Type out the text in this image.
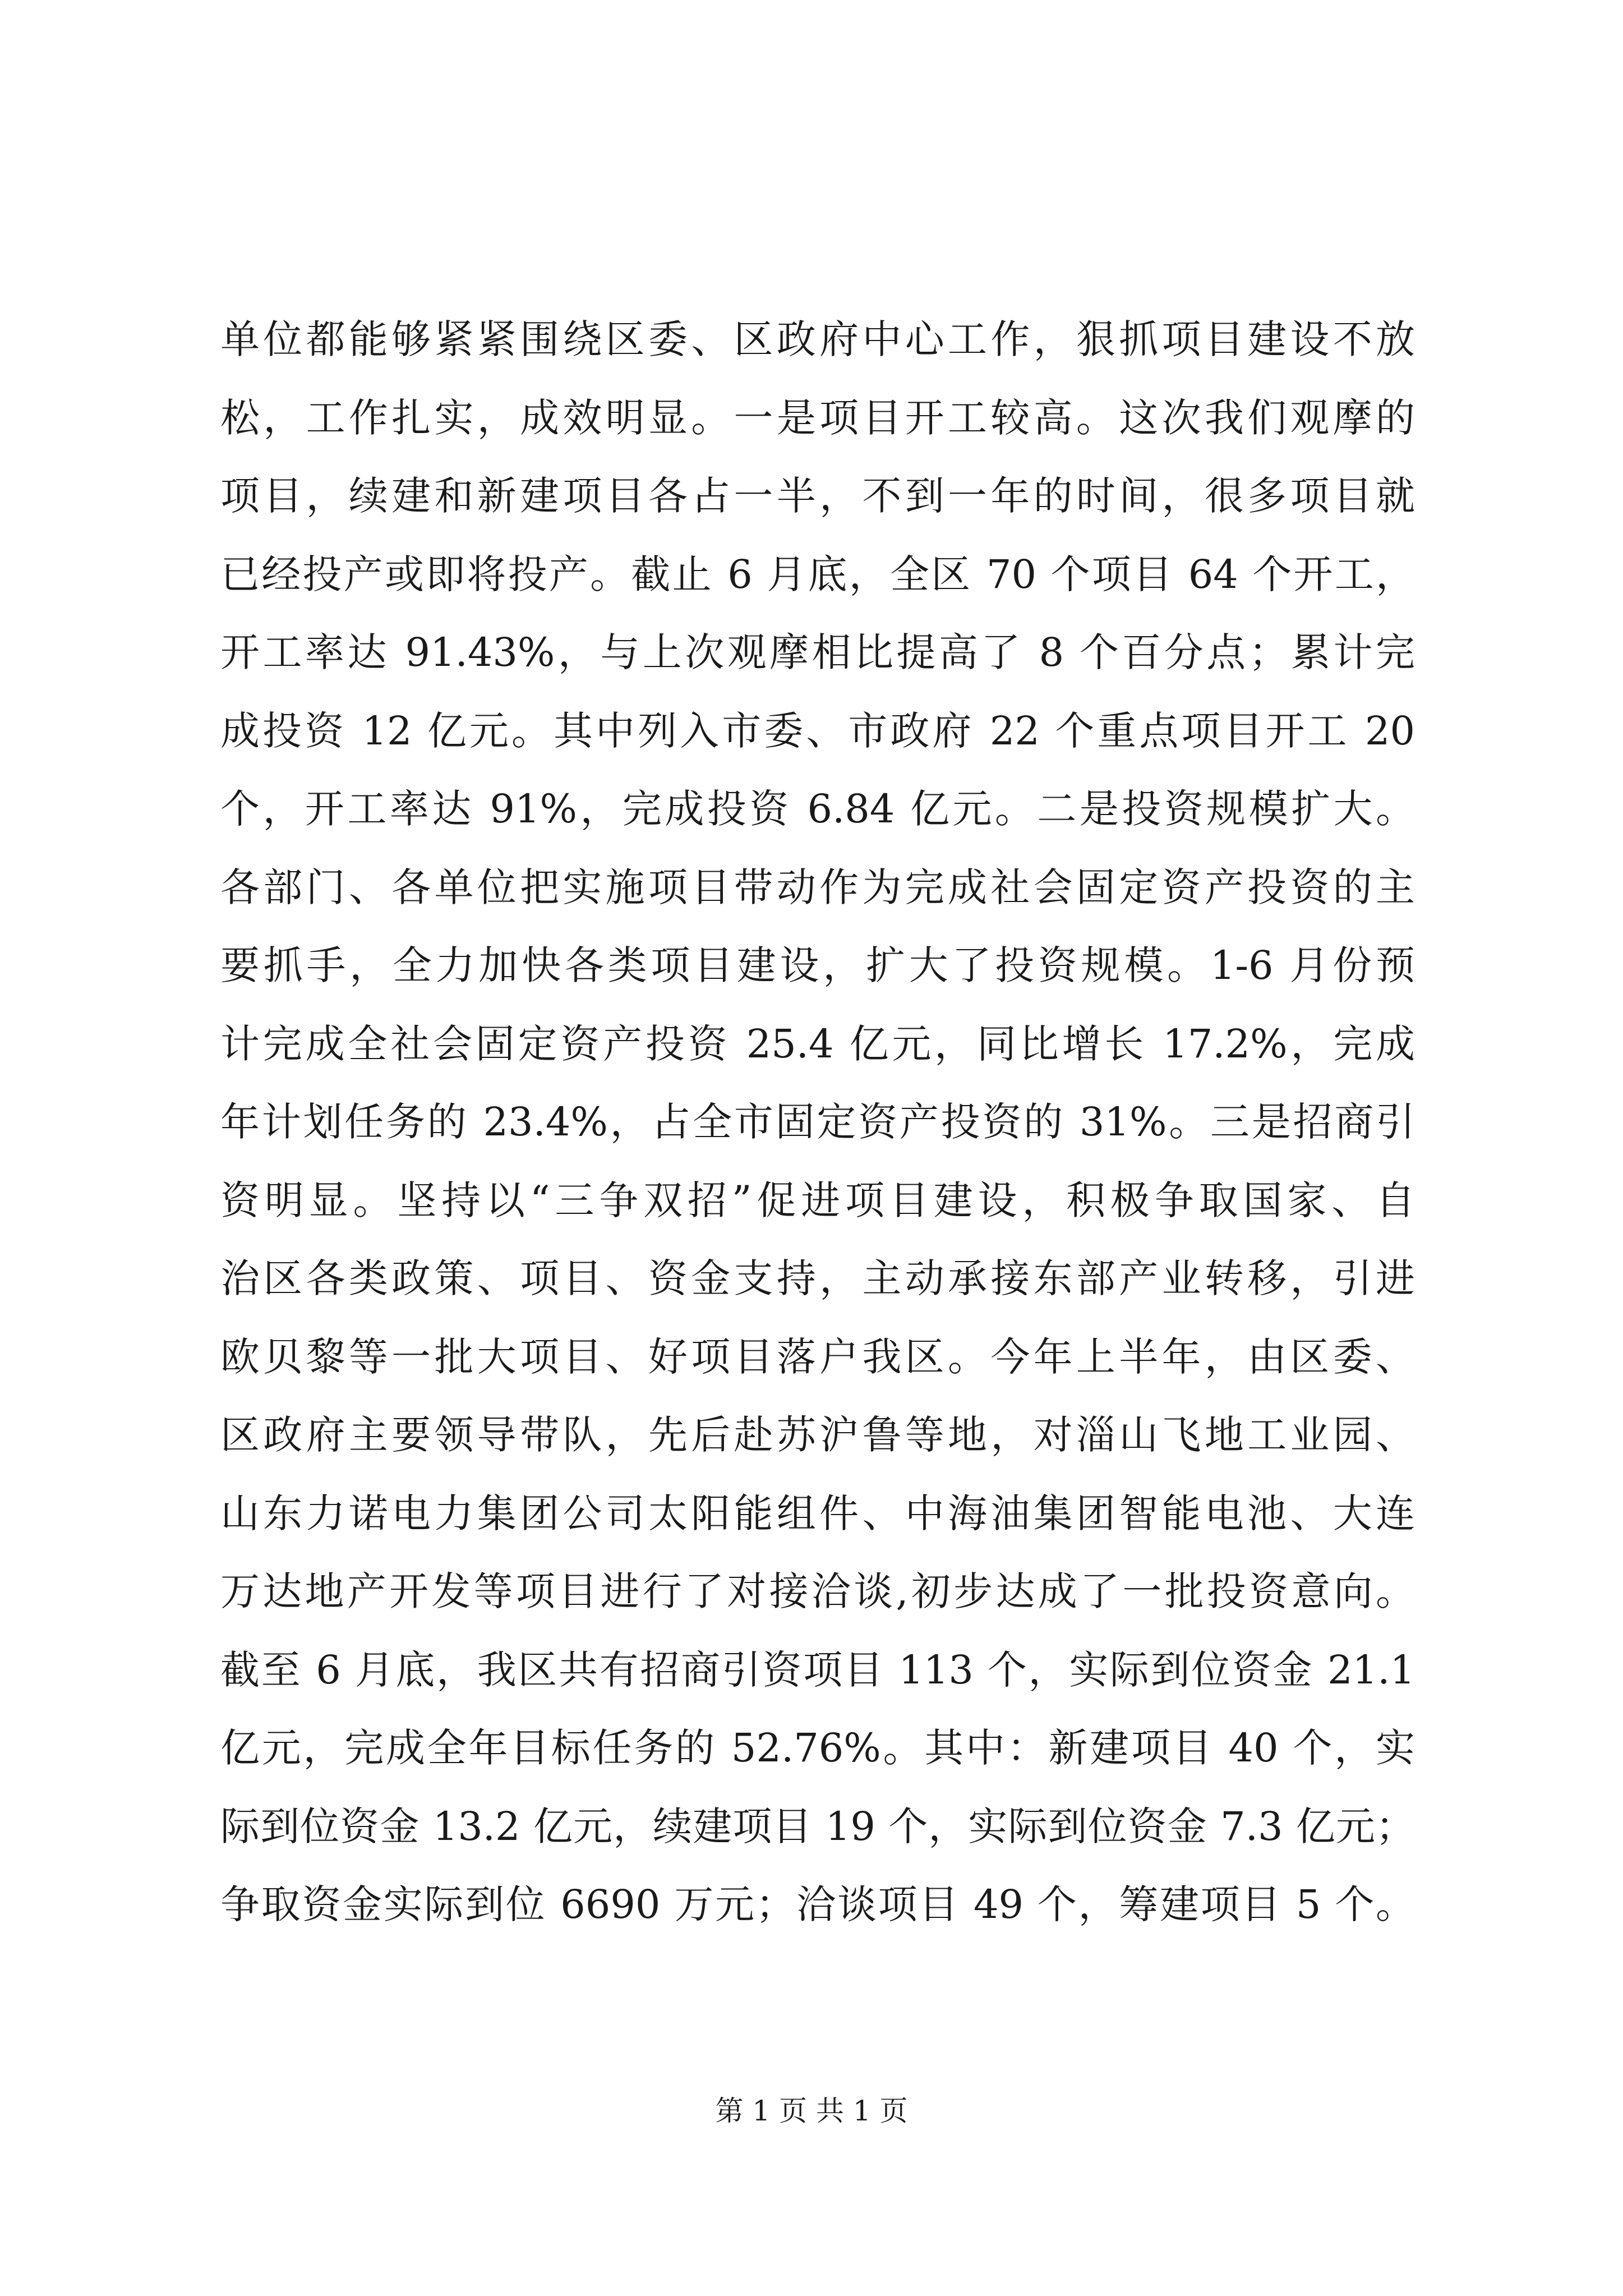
单位都能够紧紧围绕区委、区政府中心工作，狠抓项目建设不放
松，工作扎实，成效明显。一是项目开工较高。这次我们观摩的
项目，续建和新建项目各占一半，不到一年的时间，很多项目就
已经投产或即将投产。截止 6 月底，全区 70 个项目 64 个开工，
开工率达 91.43%，与上次观摩相比提高了 8 个百分点；累计完
成投资 12 亿元。其中列入市委、市政府 22 个重点项目开工 20
个，开工率达 91%，完成投资 6.84 亿元。二是投资规模扩大。
各部门、各单位把实施项目带动作为完成社会固定资产投资的主
要抓手，全力加快各类项目建设，扩大了投资规模。1-6 月份预
计完成全社会固定资产投资 25.4 亿元，同比增长 17.2%，完成
年计划任务的 23.4%，占全市固定资产投资的 31%。三是招商引
资明显。坚持以“三争双招”促进项目建设，积极争取国家、自
治区各类政策、项目、资金支持，主动承接东部产业转移，引进
欧贝黎等一批大项目、好项目落户我区。今年上半年，由区委、
区政府主要领导带队，先后赴苏沪鲁等地，对淄山飞地工业园、
山东力诺电力集团公司太阳能组件、中海油集团智能电池、大连
万达地产开发等项目进行了对接洽谈,初步达成了一批投资意向。
截至 6 月底，我区共有招商引资项目 113 个，实际到位资金 21.1
亿元，完成全年目标任务的 52.76%。其中：新建项目 40 个，实
际到位资金 13.2 亿元，续建项目 19 个，实际到位资金 7.3 亿元；
争取资金实际到位 6690 万元；洽谈项目 49 个，筹建项目 5 个。
第 1 页 共 1 页
